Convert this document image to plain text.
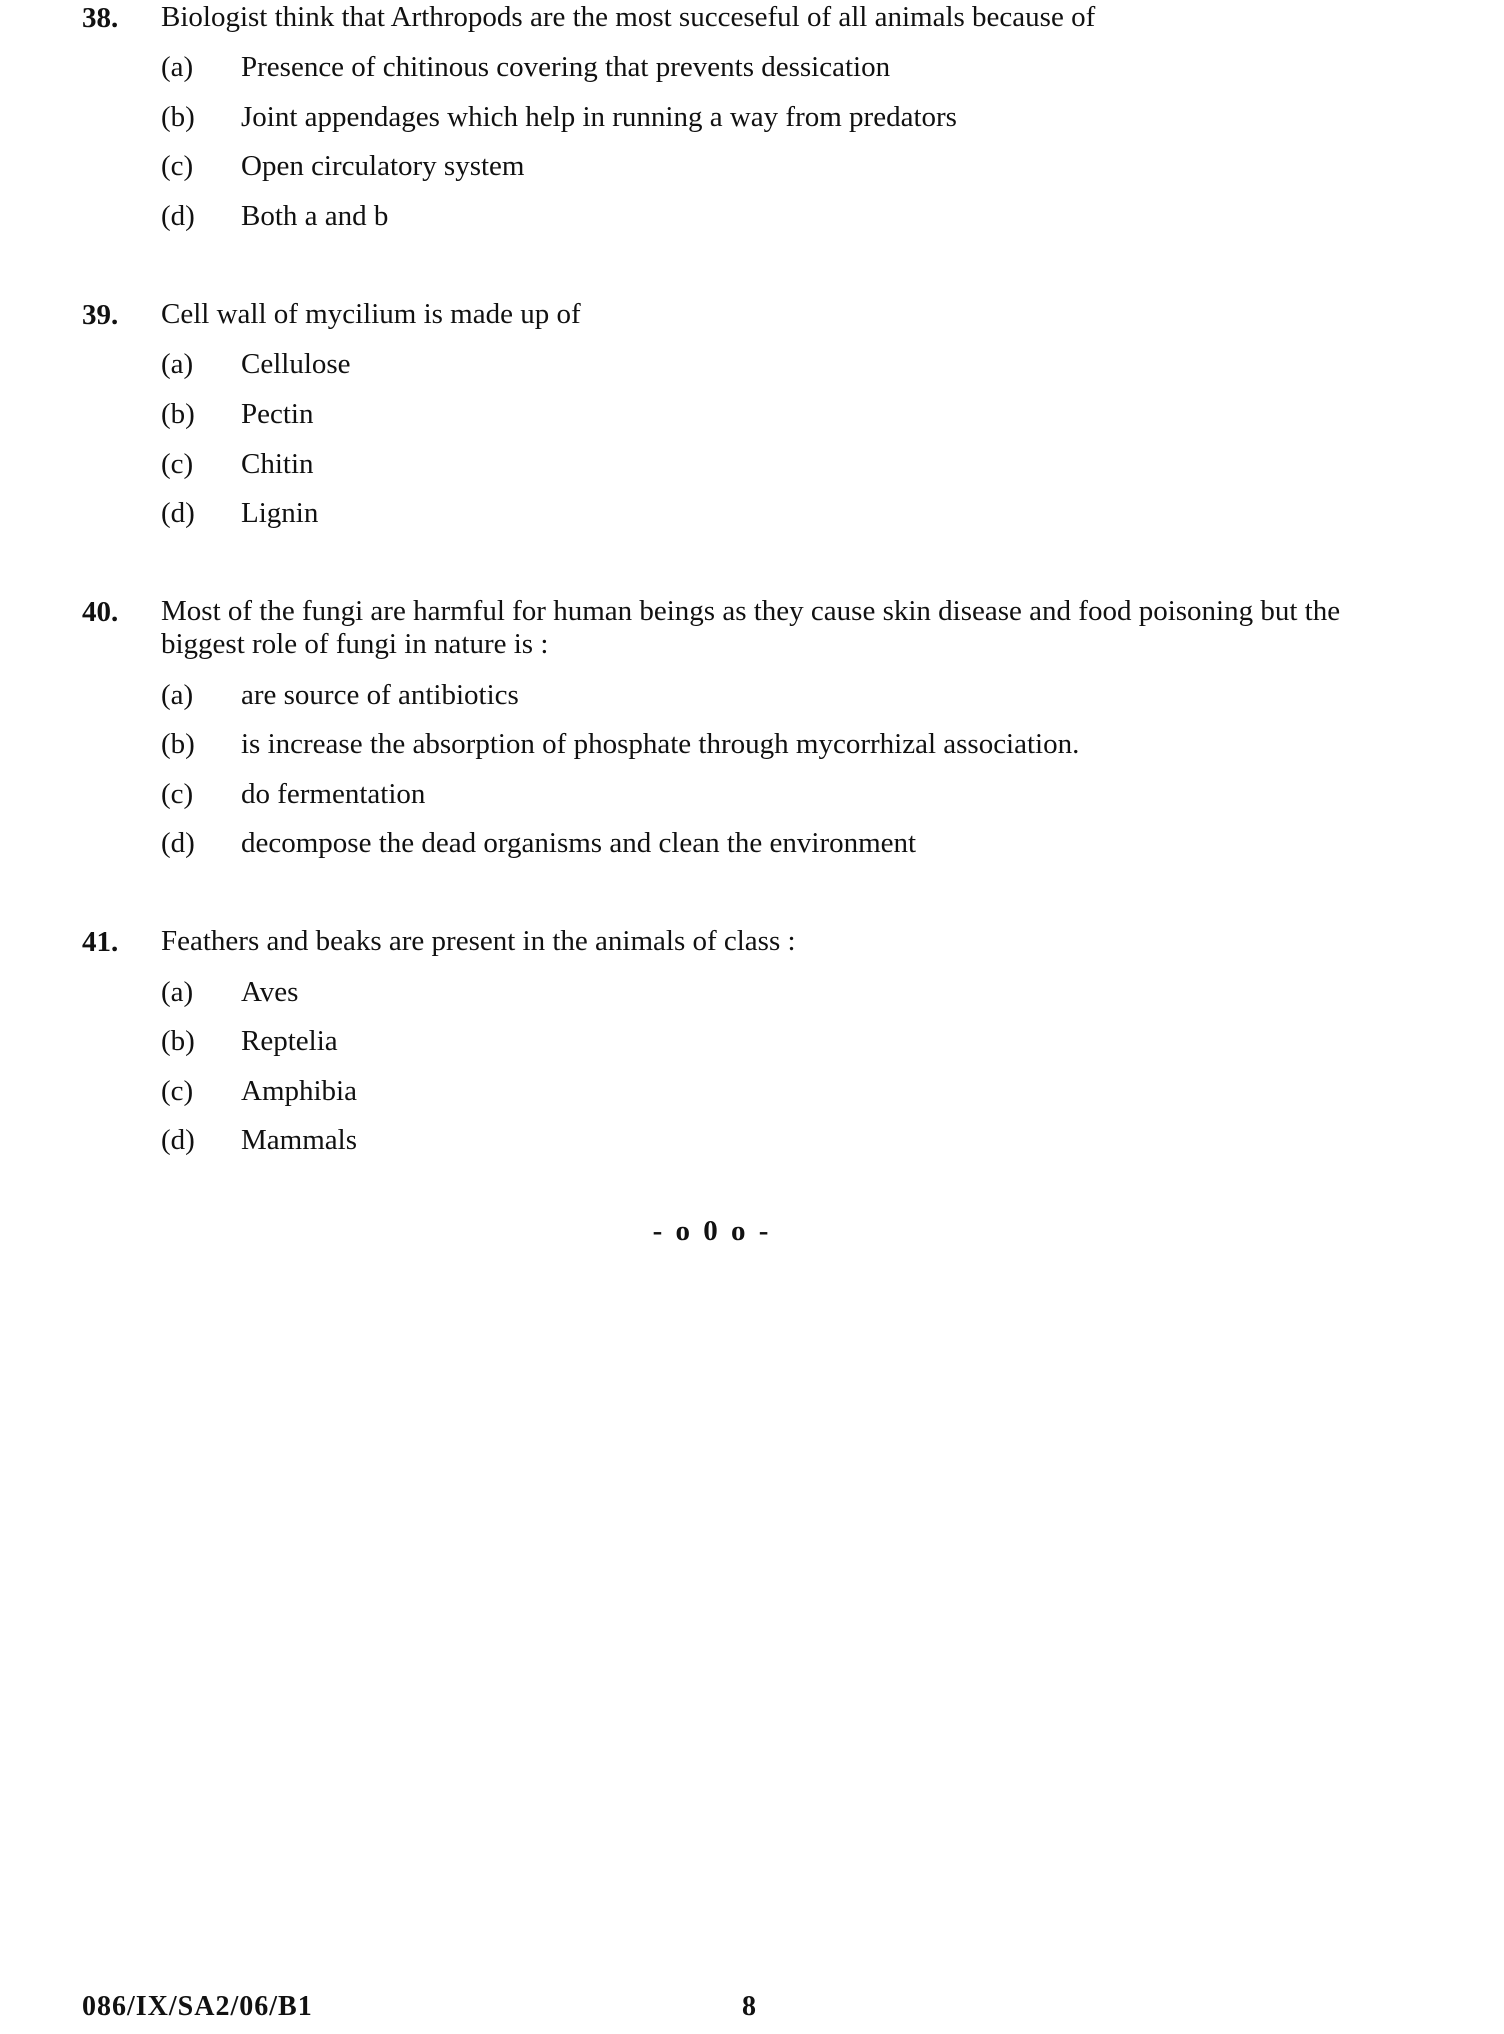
38. Biologist think that Arthropods are the most succeseful of all animals because of
(a) Presence of chitinous covering that prevents dessication
(b) Joint appendages which help in running a way from predators
(c) Open circulatory system
(d) Both a and b
39. Cell wall of mycilium is made up of
(a) Cellulose
(b) Pectin
(c) Chitin
(d) Lignin
40. Most of the fungi are harmful for human beings as they cause skin disease and food poisoning but the biggest role of fungi in nature is :
(a) are source of antibiotics
(b) is increase the absorption of phosphate through mycorrhizal association.
(c) do fermentation
(d) decompose the dead organisms and clean the environment
41. Feathers and beaks are present in the animals of class :
(a) Aves
(b) Reptelia
(c) Amphibia
(d) Mammals
- o 0 o -
086/IX/SA2/06/B1	8
